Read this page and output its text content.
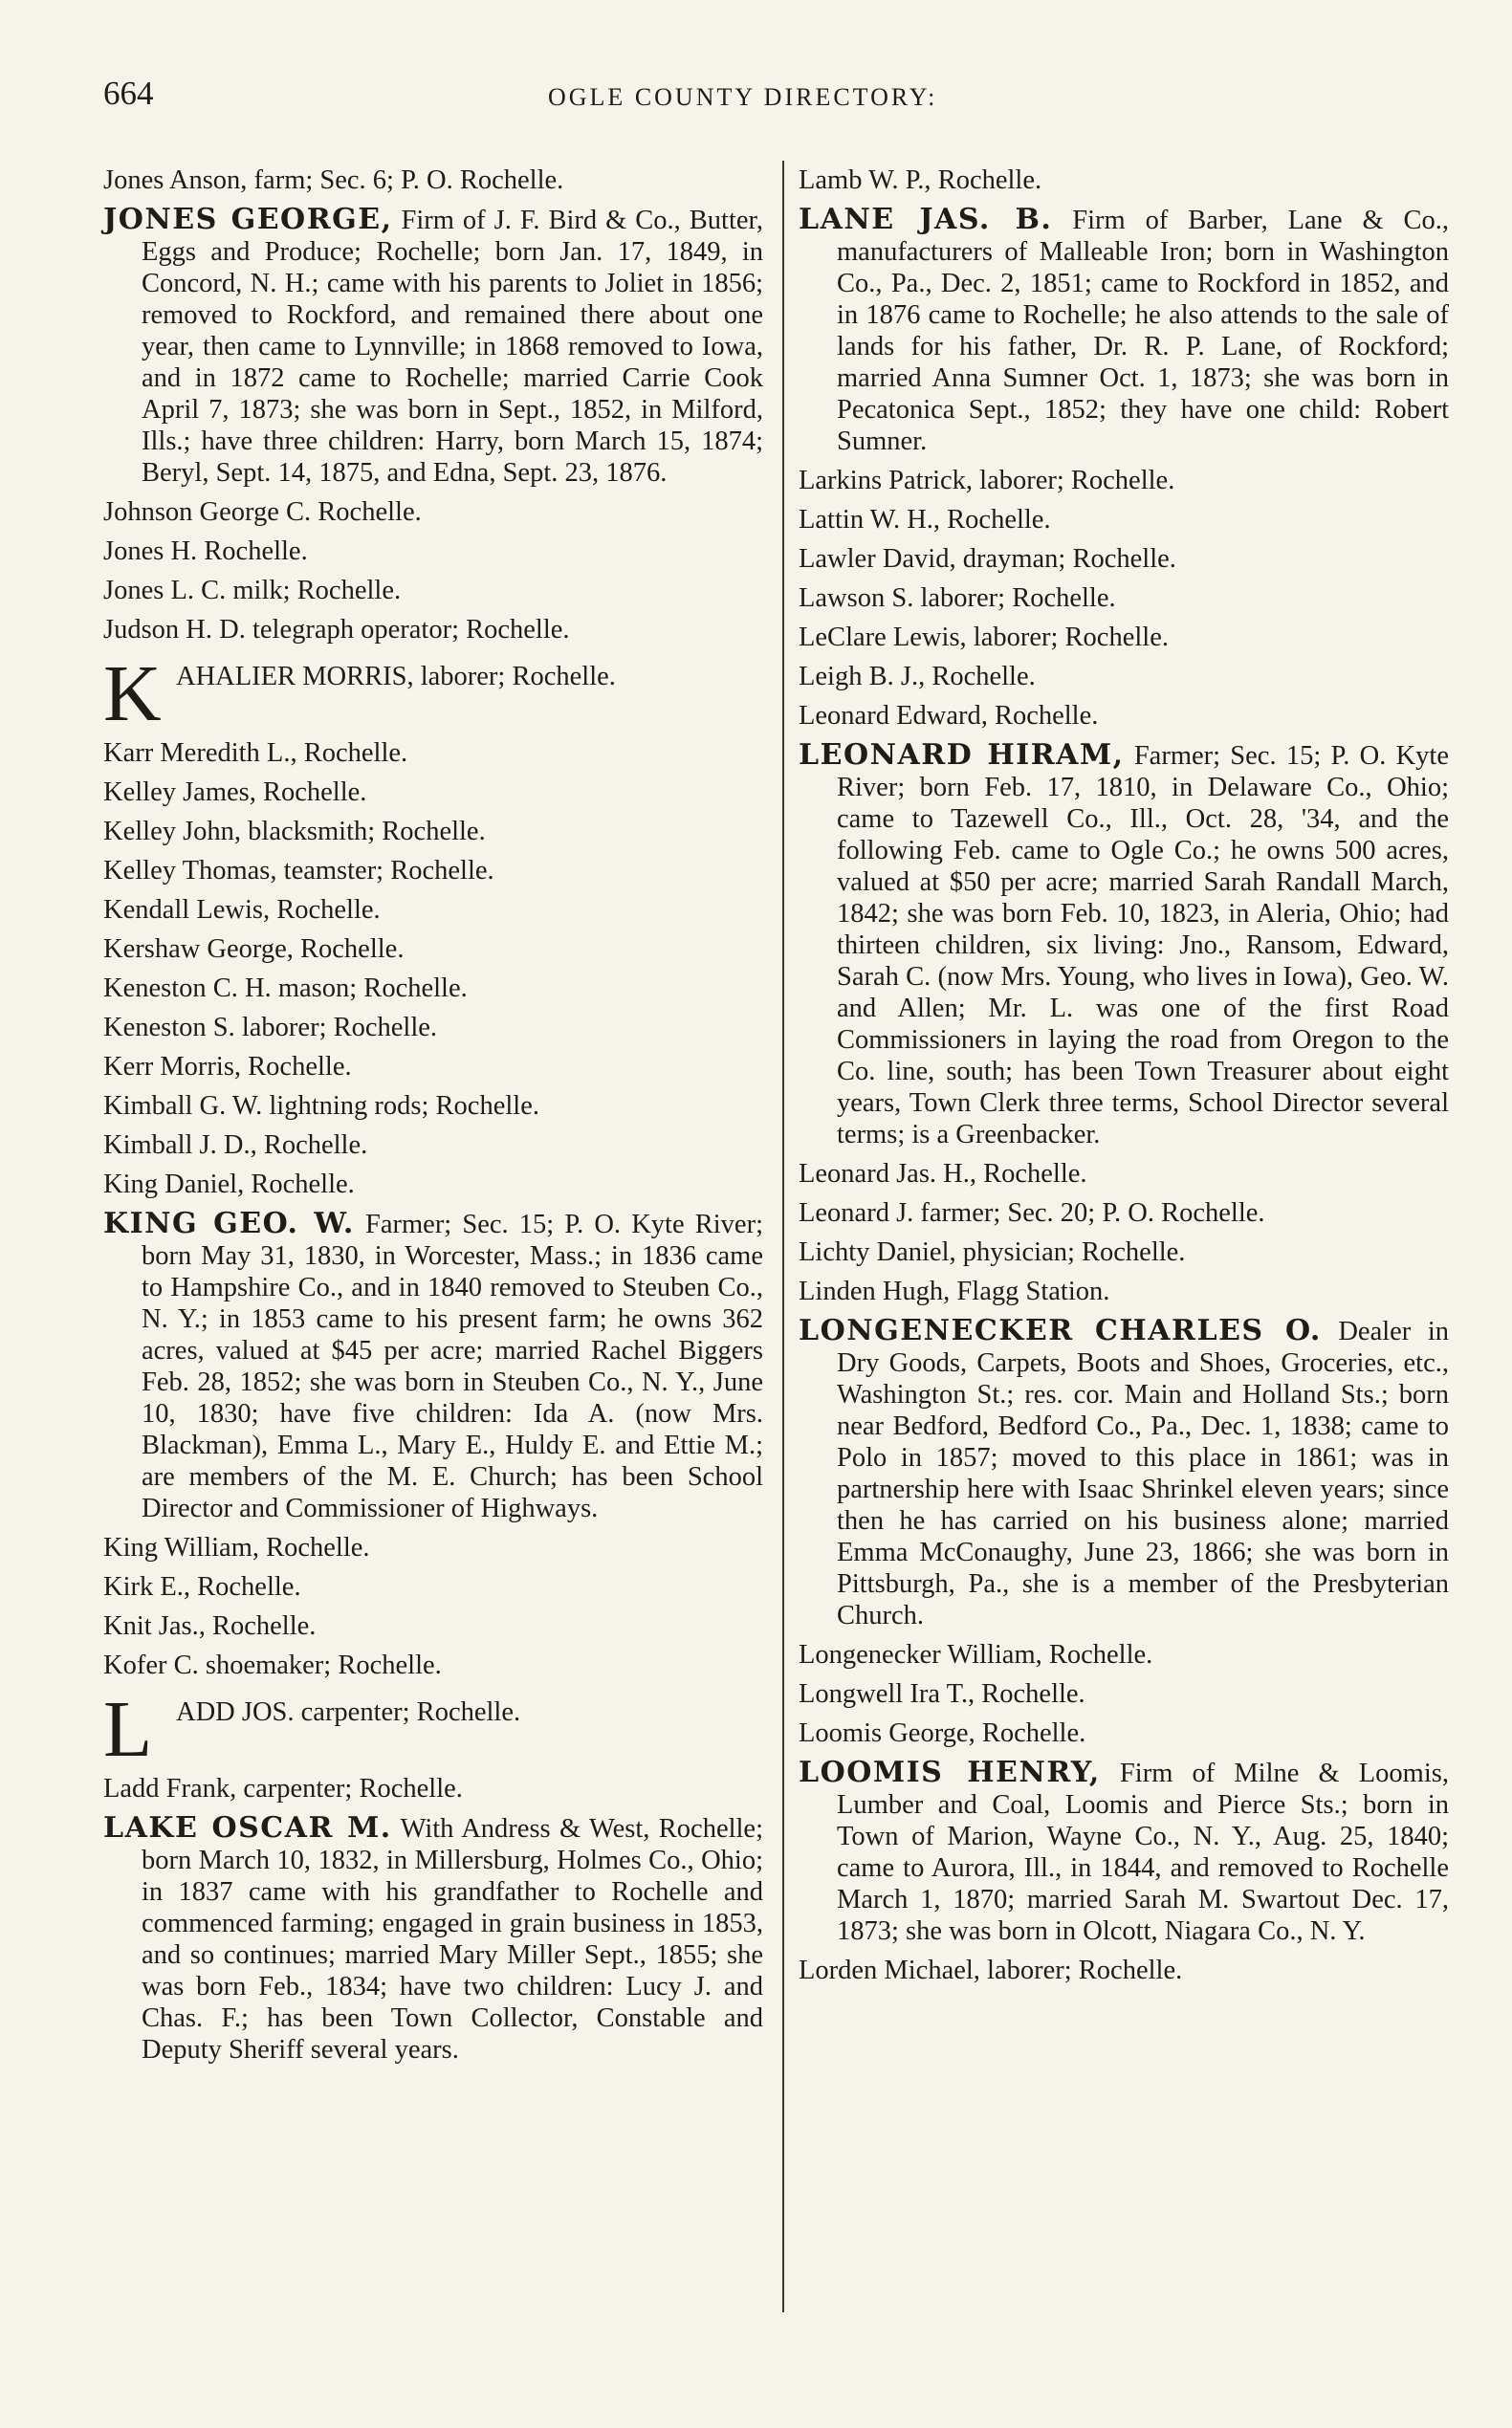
664	OGLE COUNTY DIRECTORY:
Jones Anson, farm; Sec. 6; P. O. Rochelle.
JONES GEORGE, Firm of J. F. Bird & Co., Butter, Eggs and Produce; Rochelle; born Jan. 17, 1849, in Concord, N. H.; came with his parents to Joliet in 1856; removed to Rockford, and remained there about one year, then came to Lynnville; in 1868 removed to Iowa, and in 1872 came to Rochelle; married Carrie Cook April 7, 1873; she was born in Sept., 1852, in Milford, Ills.; have three children: Harry, born March 15, 1874; Beryl, Sept. 14, 1875, and Edna, Sept. 23, 1876.
Johnson George C. Rochelle.
Jones H. Rochelle.
Jones L. C. milk; Rochelle.
Judson H. D. telegraph operator; Rochelle.
K AHALIER MORRIS, laborer; Rochelle.
Karr Meredith L., Rochelle.
Kelley James, Rochelle.
Kelley John, blacksmith; Rochelle.
Kelley Thomas, teamster; Rochelle.
Kendall Lewis, Rochelle.
Kershaw George, Rochelle.
Keneston C. H. mason; Rochelle.
Keneston S. laborer; Rochelle.
Kerr Morris, Rochelle.
Kimball G. W. lightning rods; Rochelle.
Kimball J. D., Rochelle.
King Daniel, Rochelle.
KING GEO. W. Farmer; Sec. 15; P. O. Kyte River; born May 31, 1830, in Worcester, Mass.; in 1836 came to Hampshire Co., and in 1840 removed to Steuben Co., N. Y.; in 1853 came to his present farm; he owns 362 acres, valued at $45 per acre; married Rachel Biggers Feb. 28, 1852; she was born in Steuben Co., N. Y., June 10, 1830; have five children: Ida A. (now Mrs. Blackman), Emma L., Mary E., Huldy E. and Ettie M.; are members of the M. E. Church; has been School Director and Commissioner of Highways.
King William, Rochelle.
Kirk E., Rochelle.
Knit Jas., Rochelle.
Kofer C. shoemaker; Rochelle.
L ADD JOS. carpenter; Rochelle.
Ladd Frank, carpenter; Rochelle.
LAKE OSCAR M. With Andress & West, Rochelle; born March 10, 1832, in Millersburg, Holmes Co., Ohio; in 1837 came with his grandfather to Rochelle and commenced farming; engaged in grain business in 1853, and so continues; married Mary Miller Sept., 1855; she was born Feb., 1834; have two children: Lucy J. and Chas. F.; has been Town Collector, Constable and Deputy Sheriff several years.
Lamb W. P., Rochelle.
LANE JAS. B. Firm of Barber, Lane & Co., manufacturers of Malleable Iron; born in Washington Co., Pa., Dec. 2, 1851; came to Rockford in 1852, and in 1876 came to Rochelle; he also attends to the sale of lands for his father, Dr. R. P. Lane, of Rockford; married Anna Sumner Oct. 1, 1873; she was born in Pecatonica Sept., 1852; they have one child: Robert Sumner.
Larkins Patrick, laborer; Rochelle.
Lattin W. H., Rochelle.
Lawler David, drayman; Rochelle.
Lawson S. laborer; Rochelle.
LeClare Lewis, laborer; Rochelle.
Leigh B. J., Rochelle.
Leonard Edward, Rochelle.
LEONARD HIRAM, Farmer; Sec. 15; P. O. Kyte River; born Feb. 17, 1810, in Delaware Co., Ohio; came to Tazewell Co., Ill., Oct. 28, '34, and the following Feb. came to Ogle Co.; he owns 500 acres, valued at $50 per acre; married Sarah Randall March, 1842; she was born Feb. 10, 1823, in Aleria, Ohio; had thirteen children, six living: Jno., Ransom, Edward, Sarah C. (now Mrs. Young, who lives in Iowa), Geo. W. and Allen; Mr. L. was one of the first Road Commissioners in laying the road from Oregon to the Co. line, south; has been Town Treasurer about eight years, Town Clerk three terms, School Director several terms; is a Greenbacker.
Leonard Jas. H., Rochelle.
Leonard J. farmer; Sec. 20; P. O. Rochelle.
Lichty Daniel, physician; Rochelle.
Linden Hugh, Flagg Station.
LONGENECKER CHARLES O. Dealer in Dry Goods, Carpets, Boots and Shoes, Groceries, etc., Washington St.; res. cor. Main and Holland Sts.; born near Bedford, Bedford Co., Pa., Dec. 1, 1838; came to Polo in 1857; moved to this place in 1861; was in partnership here with Isaac Shrinkel eleven years; since then he has carried on his business alone; married Emma McConaughy, June 23, 1866; she was born in Pittsburgh, Pa., she is a member of the Presbyterian Church.
Longenecker William, Rochelle.
Longwell Ira T., Rochelle.
Loomis George, Rochelle.
LOOMIS HENRY, Firm of Milne & Loomis, Lumber and Coal, Loomis and Pierce Sts.; born in Town of Marion, Wayne Co., N. Y., Aug. 25, 1840; came to Aurora, Ill., in 1844, and removed to Rochelle March 1, 1870; married Sarah M. Swartout Dec. 17, 1873; she was born in Olcott, Niagara Co., N. Y.
Lorden Michael, laborer; Rochelle.
